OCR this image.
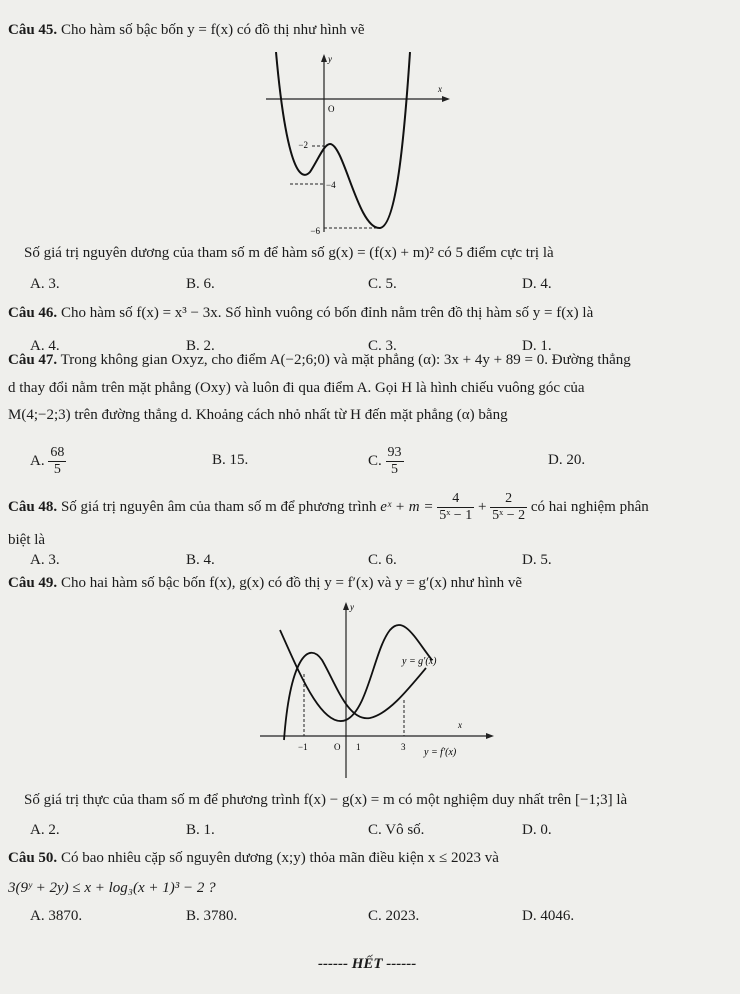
Câu 45. Cho hàm số bậc bốn y = f(x) có đồ thị như hình vẽ
y
x
O
−2
−4
−6
Số giá trị nguyên dương của tham số m để hàm số g(x) = (f(x) + m)² có 5 điểm cực trị là
A. 3.	B. 6.	C. 5.	D. 4.
Câu 46. Cho hàm số f(x) = x³ − 3x. Số hình vuông có bốn đỉnh nằm trên đồ thị hàm số y = f(x) là
A. 4.	B. 2.	C. 3.	D. 1.
Câu 47. Trong không gian Oxyz, cho điểm A(−2;6;0) và mặt phẳng (α): 3x + 4y + 89 = 0. Đường thẳng
d thay đổi nằm trên mặt phẳng (Oxy) và luôn đi qua điểm A. Gọi H là hình chiếu vuông góc của
M(4;−2;3) trên đường thẳng d. Khoảng cách nhỏ nhất từ H đến mặt phẳng (α) bằng
A. $\frac{68}{5}$	B. 15.	C. $\frac{93}{5}$	D. 20.
Câu 48. Số giá trị nguyên âm của tham số m để phương trình eˣ + $m = \frac{4}{\text{5ˣ − 1}} + \frac{2}{\text{5ˣ − 2}}$ có hai nghiệm phân
biệt là
A. 3.	B. 4.	C. 6.	D. 5.
Câu 49. Cho hai hàm số bậc bốn f(x), g(x) có đồ thị y = f′(x) và y = g′(x) như hình vẽ
y
x
O
−1	1	3
y = g′(x)
y = f′(x)
Số giá trị thực của tham số m để phương trình f(x) − g(x) = m có một nghiệm duy nhất trên [−1;3] là
A. 2.	B. 1.	C. Vô số.	D. 0.
Câu 50. Có bao nhiêu cặp số nguyên dương (x;y) thỏa mãn điều kiện x ≤ 2023 và
3(9ʸ + 2y) ≤ x + log₃(x + 1)³ − 2 ?
A. 3870.	B. 3780.	C. 2023.	D. 4046.
------ HẾT ------
